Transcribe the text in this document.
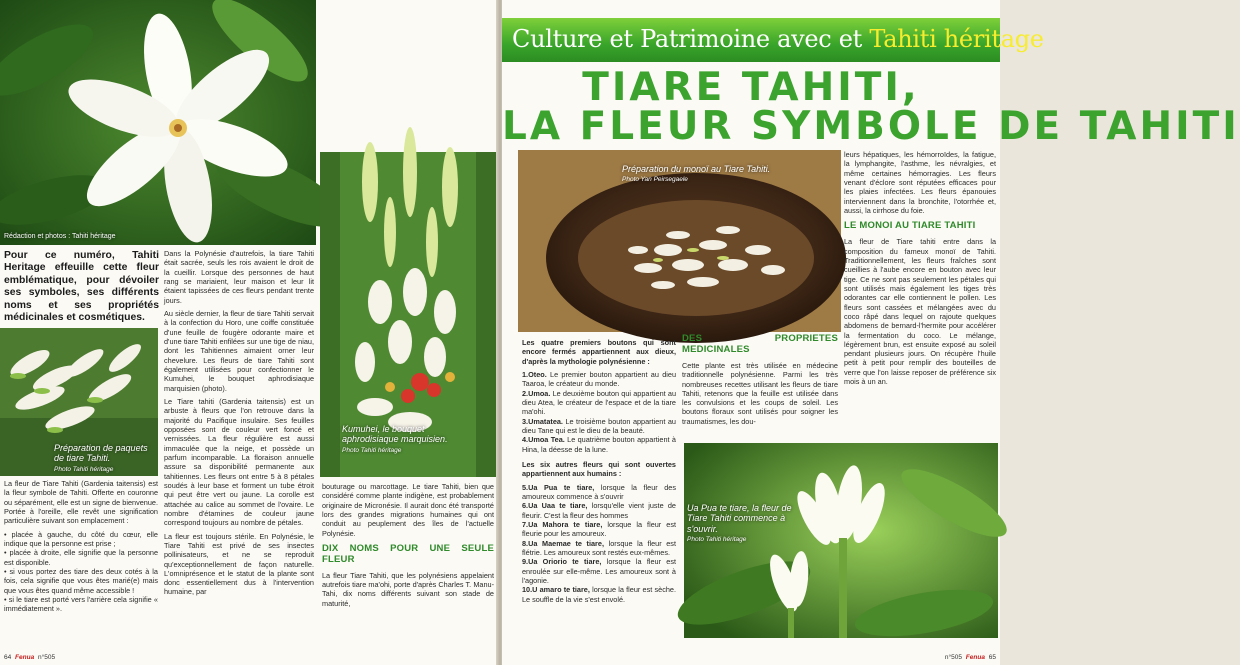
Rédaction et photos : Tahiti héritage
Pour ce numéro, Tahiti Heritage effeuille cette fleur emblématique, pour dévoiler ses symboles, ses différents noms et ses propriétés médicinales et cosmétiques.
Préparation de paquets de tiare Tahiti.
Photo Tahiti héritage

La fleur de Tiare Tahiti (Gardenia taitensis) est la fleur symbole de Tahiti. Offerte en couronne ou séparément, elle est un signe de bienvenue. Portée à l'oreille, elle revêt une signification particulière suivant son emplacement :

• placée à gauche, du côté du cœur, elle indique que la personne est prise ;
• placée à droite, elle signifie que la personne est disponible.
• si vous portez des tiare des deux cotés à la fois, cela signifie que vous êtes marié(e) mais que vous êtes quand même accessible !
• si le tiare est porté vers l'arrière cela signifie « immédiatement ».

Dans la Polynésie d'autrefois, la tiare Tahiti était sacrée, seuls les rois avaient le droit de la cueillir. Lorsque des personnes de haut rang se mariaient, leur maison et leur lit étaient tapissées de ces fleurs pendant trente jours.

Au siècle dernier, la fleur de tiare Tahiti servait à la confection du Horo, une coiffe constituée d'une feuille de fougère odorante maire et d'une tiare Tahiti enfilées sur une tige de niau, dont les Tahitiennes aimaient orner leur chevelure. Les fleurs de tiare Tahiti sont également utilisées pour confectionner le Kumuhei, le bouquet aphrodisiaque marquisien (photo).

Le Tiare tahiti (Gardenia taitensis) est un arbuste à fleurs que l'on retrouve dans la majorité du Pacifique insulaire. Ses feuilles opposées sont de couleur vert foncé et vernissées. La fleur régulière est aussi immaculée que la neige, et possède un parfum incomparable. La floraison annuelle assure sa disponibilité permanente aux tahitiennes. Les fleurs ont entre 5 à 8 pétales soudés à leur base et forment un tube étroit qui peut être vert ou jaune. La corolle est attachée au calice au sommet de l'ovaire. Le nombre d'étamines de couleur jaune correspond toujours au nombre de pétales.

La fleur est toujours stérile. En Polynésie, le Tiare Tahiti est privé de ses insectes pollinisateurs, et ne se reproduit qu'exceptionnellement de façon naturelle. L'omniprésence et le statut de la plante sont donc essentiellement dus à l'intervention humaine, par

Kumuhei, le bouquet aphrodisiaque marquisien.
Photo Tahiti héritage

bouturage ou marcottage. Le tiare Tahiti, bien que considéré comme plante indigène, est probablement originaire de Micronésie. Il aurait donc été transporté lors des grandes migrations humaines qui ont conduit au peuplement des îles de l'actuelle Polynésie.

DIX NOMS POUR UNE SEULE FLEUR

La fleur Tiare Tahiti, que les polynésiens appelaient autrefois tiare ma'ohi, porte d'après Charles T. Manu-Tahi, dix noms différents suivant son stade de maturité,

64 Fenua n°505
Culture et Patrimoine avec et Tahiti héritage
TIARE TAHITI,
LA FLEUR SYMBOLE DE TAHITI
Préparation du monoï au Tiare Tahiti.
Photo Yan Peirsegaele

Les quatre premiers boutons qui sont encore fermés appartiennent aux dieux, d'après la mythologie polynésienne :

1.Oteo. Le premier bouton appartient au dieu Taaroa, le créateur du monde.
2.Umoa. Le deuxième bouton qui appartient au dieu Atea, le créateur de l'espace et de la tiare ma'ohi.
3.Umatatea. Le troisième bouton appartient au dieu Tane qui est le dieu de la beauté.
4.Umoa Tea. Le quatrième bouton appartient à Hina, la déesse de la lune.

Les six autres fleurs qui sont ouvertes appartiennent aux humains :

5.Ua Pua te tiare, lorsque la fleur des amoureux commence à s'ouvrir
6.Ua Uaa te tiare, lorsqu'elle vient juste de fleurir. C'est la fleur des hommes
7.Ua Mahora te tiare, lorsque la fleur est fleurie pour les amoureux.
8.Ua Maemae te tiare, lorsque la fleur est flétrie. Les amoureux sont restés eux-mêmes.
9.Ua Oriorio te tiare, lorsque la fleur est enroulée sur elle-même. Les amoureux sont à l'agonie.
10.U amaro te tiare, lorsque la fleur est sèche. Le souffle de la vie s'est envolé.
DES PROPRIETES MEDICINALES

Cette plante est très utilisée en médecine traditionnelle polynésienne. Parmi les très nombreuses recettes utilisant les fleurs de tiare Tahiti, retenons que la feuille est utilisée dans les convulsions et les coups de soleil. Les boutons floraux sont utilisés pour soigner les traumatismes, les dou-

leurs hépatiques, les hémorroïdes, la fatigue, la lymphangite, l'asthme, les névralgies, et même certaines hémorragies. Les fleurs venant d'éclore sont réputées efficaces pour les plaies infectées. Les fleurs épanouies interviennent dans la bronchite, l'otorrhée et, aussi, la cirrhose du foie.

LE MONOI AU TIARE TAHITI

La fleur de Tiare tahiti entre dans la composition du fameux monoï de Tahiti. Traditionnellement, les fleurs fraîches sont cueillies à l'aube encore en bouton avec leur tige. Ce ne sont pas seulement les pétales qui sont utilisés mais également les tiges très odorantes car elle contiennent le pollen. Les fleurs sont cassées et mélangées avec du coco râpé dans lequel on rajoute quelques abdomens de bernard-l'hermite pour accélérer la fermentation du coco. Le mélange, légèrement brun, est ensuite exposé au soleil pendant plusieurs jours. On récupère l'huile petit à petit pour remplir des bouteilles de verre que l'on laisse reposer de préférence six mois à un an.

Ua Pua te tiare, la fleur de Tiare Tahiti commence à s'ouvrir.
Photo Tahiti héritage
n°505 Fenua 65
